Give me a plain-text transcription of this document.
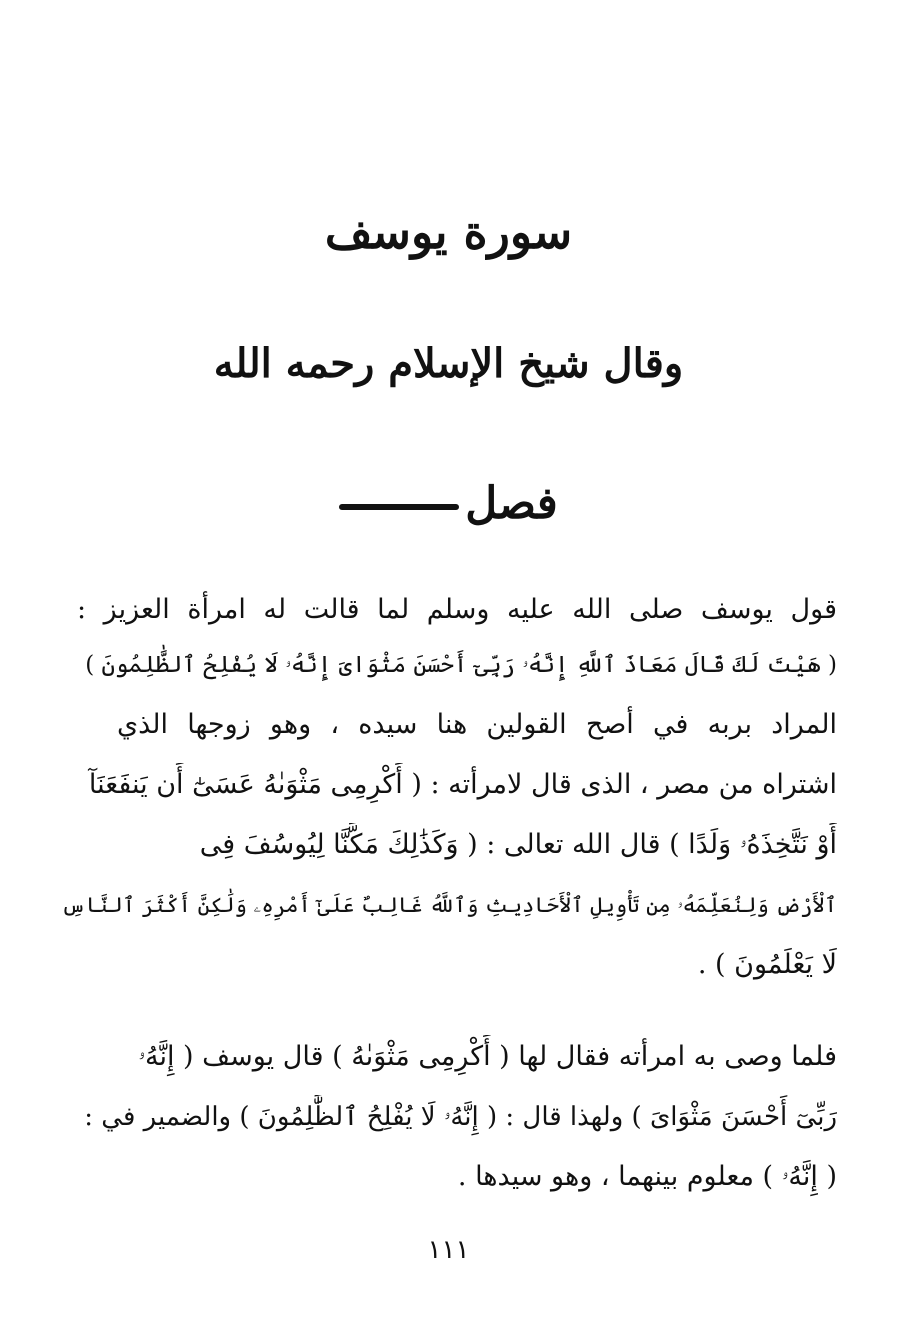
سورة يوسف
وقال شيخ الإسلام رحمه الله
فصل
قول يوسف صلى الله عليه وسلم لما قالت له امرأة العزيز :
( هَيْتَ لَكَ قَالَ مَعَاذَ ٱللَّهِ إِنَّهُۥ رَبِّىٓ أَحْسَنَ مَثْوَاىَ إِنَّهُۥ لَا يُفْلِحُ ٱلظَّٰلِمُونَ )
المراد بربه في أصح القولين هنا سيده ، وهو زوجها الذي
اشتراه من مصر ، الذى قال لامرأته : ( أَكْرِمِى مَثْوَىٰهُ عَسَىٰٓ أَن يَنفَعَنَآ
أَوْ نَتَّخِذَهُۥ وَلَدًا ) قال الله تعالى : ( وَكَذَٰلِكَ مَكَّنَّا لِيُوسُفَ فِى
ٱلْأَرْضِ وَلِنُعَلِّمَهُۥ مِن تَأْوِيلِ ٱلْأَحَادِيثِ وَٱللَّهُ غَالِبٌ عَلَىٰٓ أَمْرِهِۦ وَلَٰكِنَّ أَكْثَرَ ٱلنَّاسِ
لَا يَعْلَمُونَ ) .
فلما وصى به امرأته فقال لها ( أَكْرِمِى مَثْوَىٰهُ ) قال يوسف ( إِنَّهُۥ
رَبِّىٓ أَحْسَنَ مَثْوَاىَ ) ولهذا قال : ( إِنَّهُۥ لَا يُفْلِحُ ٱلظَّٰلِمُونَ ) والضمير في :
( إِنَّهُۥ ) معلوم بينهما ، وهو سيدها .
١١١
